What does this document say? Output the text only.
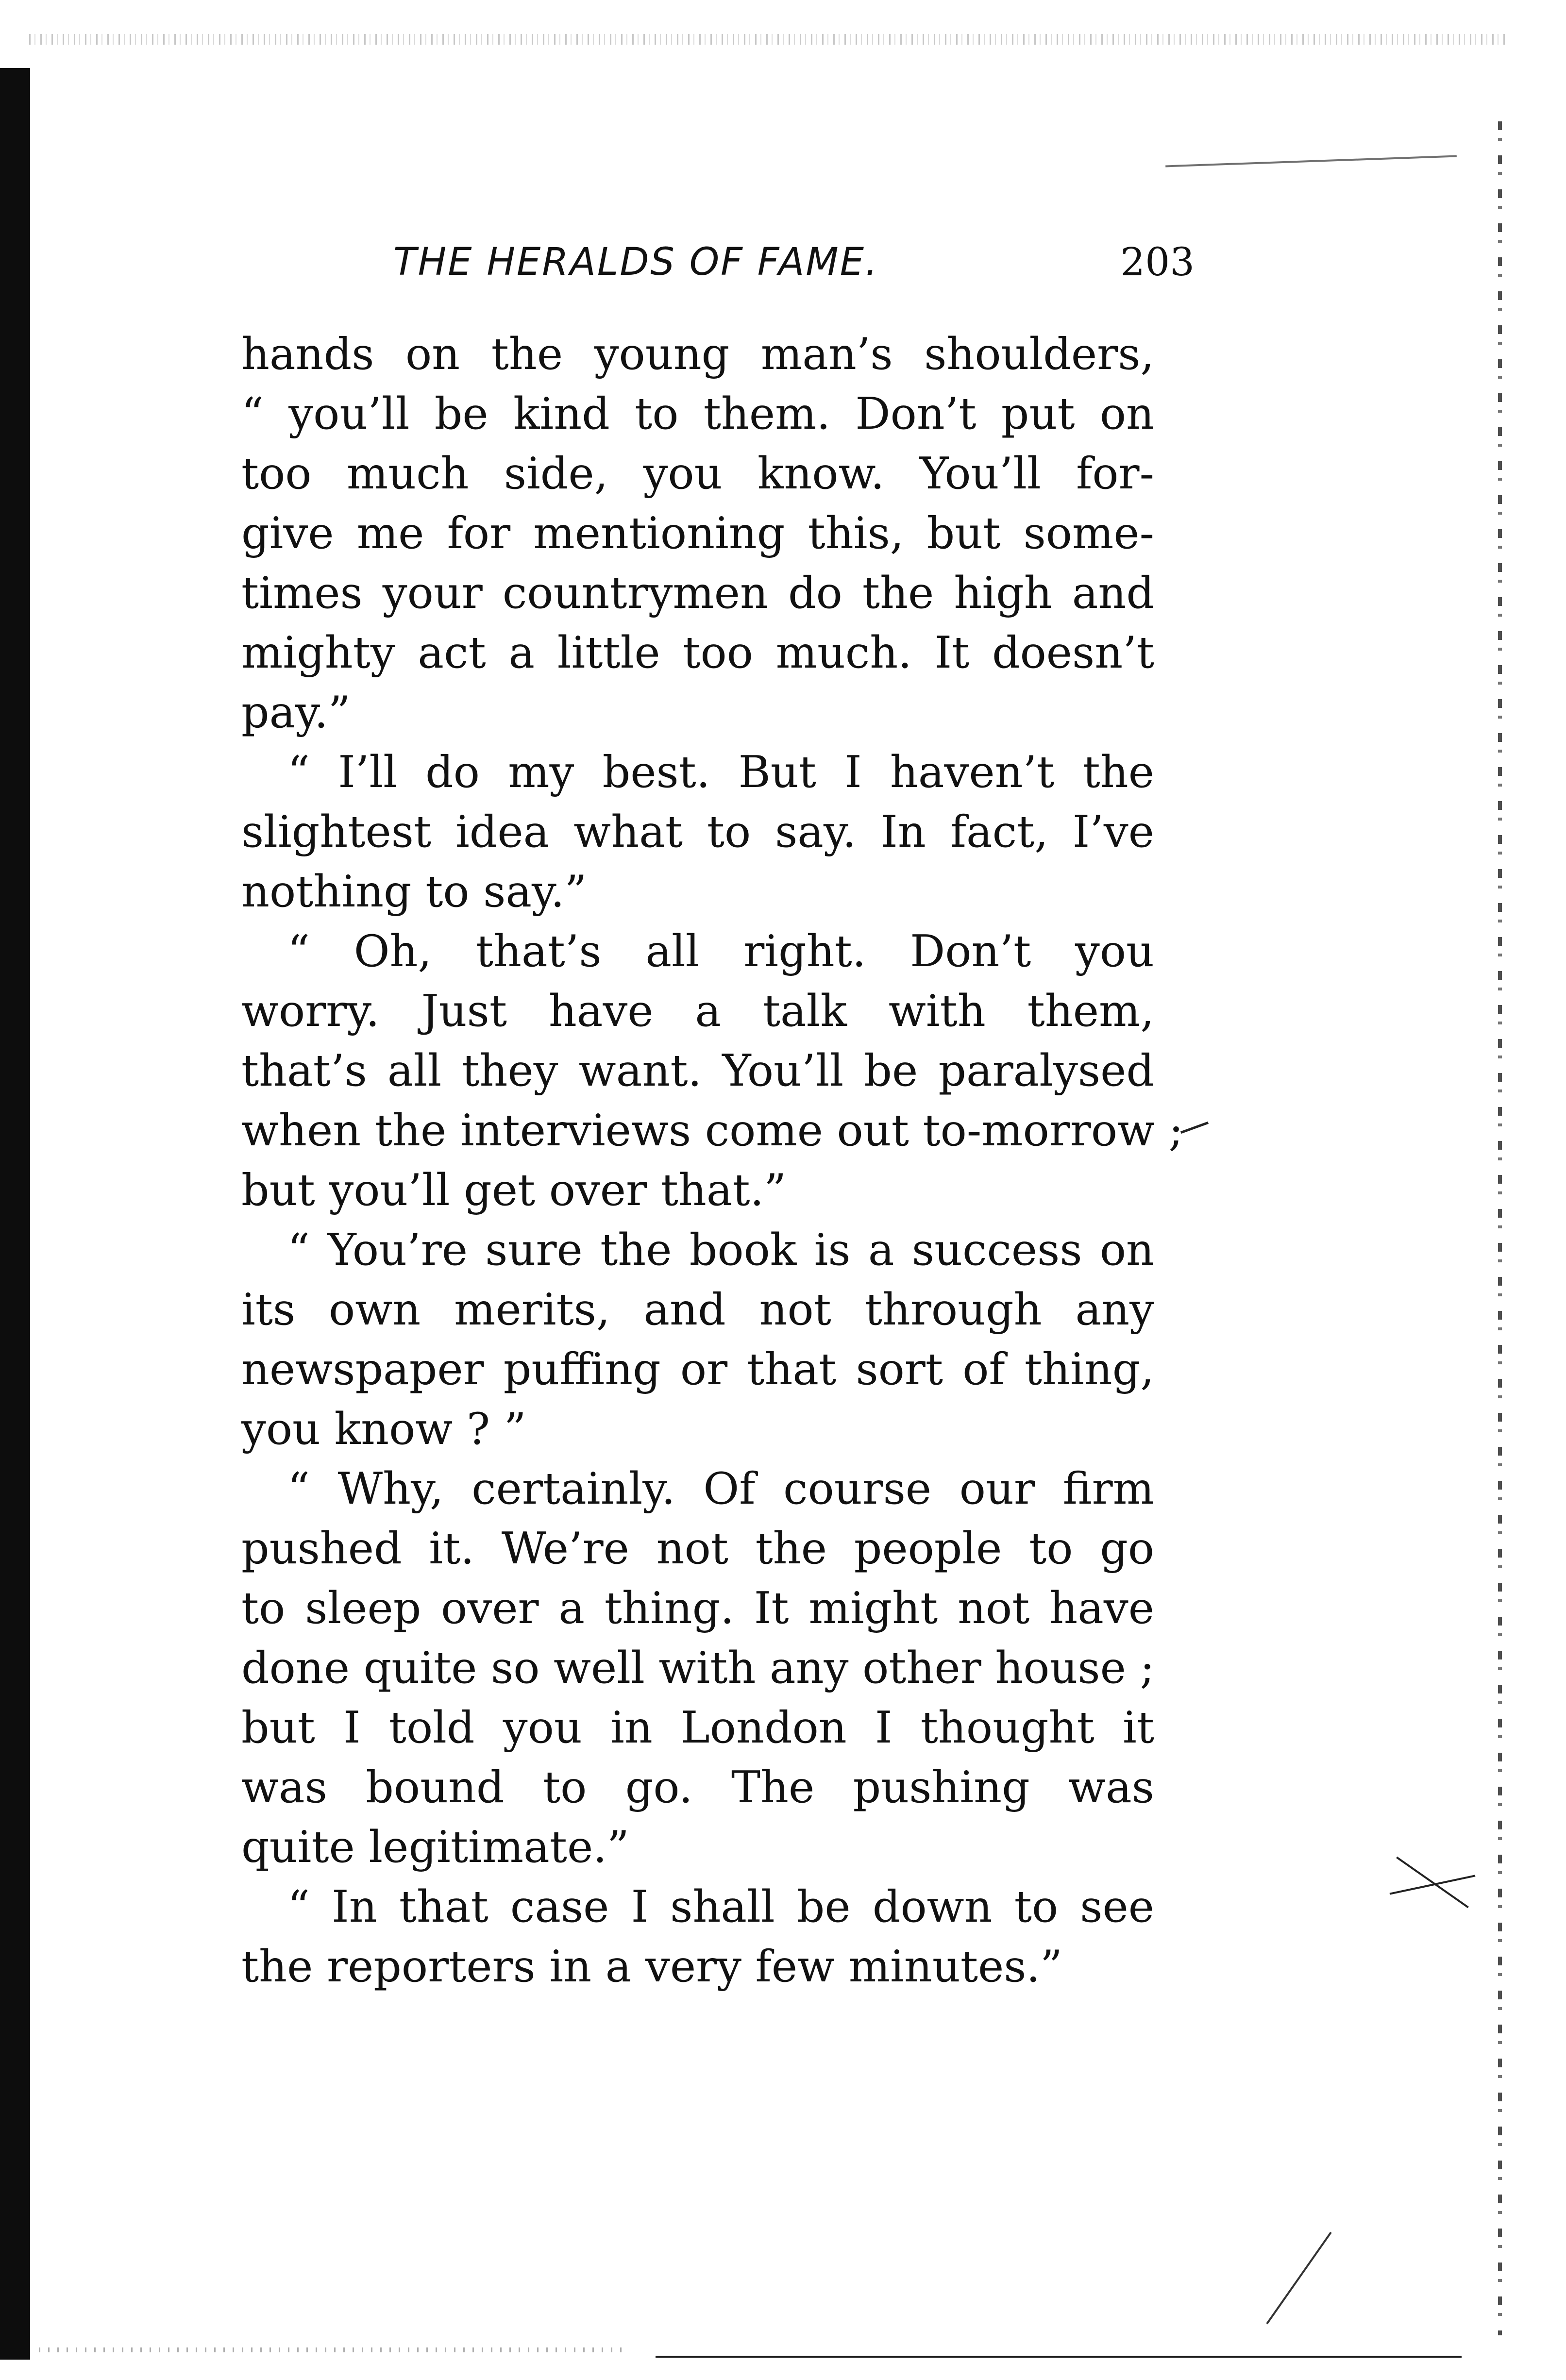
THE HERALDS OF FAME.	203
hands on the young man’s shoulders,
“ you’ll be kind to them. Don’t put on
too much side, you know. You’ll for-
give me for mentioning this, but some-
times your countrymen do the high and
mighty act a little too much. It doesn’t
pay.”
“ I’ll do my best. But I haven’t the
slightest idea what to say. In fact, I’ve
nothing to say.”
“ Oh, that’s all right. Don’t you
worry. Just have a talk with them,
that’s all they want. You’ll be paralysed
when the interviews come out to-morrow ;
but you’ll get over that.”
“ You’re sure the book is a success on
its own merits, and not through any
newspaper puffing or that sort of thing,
you know ? ”
“ Why, certainly. Of course our firm
pushed it. We’re not the people to go
to sleep over a thing. It might not have
done quite so well with any other house ;
but I told you in London I thought it
was bound to go. The pushing was
quite legitimate.”
“ In that case I shall be down to see
the reporters in a very few minutes.”
